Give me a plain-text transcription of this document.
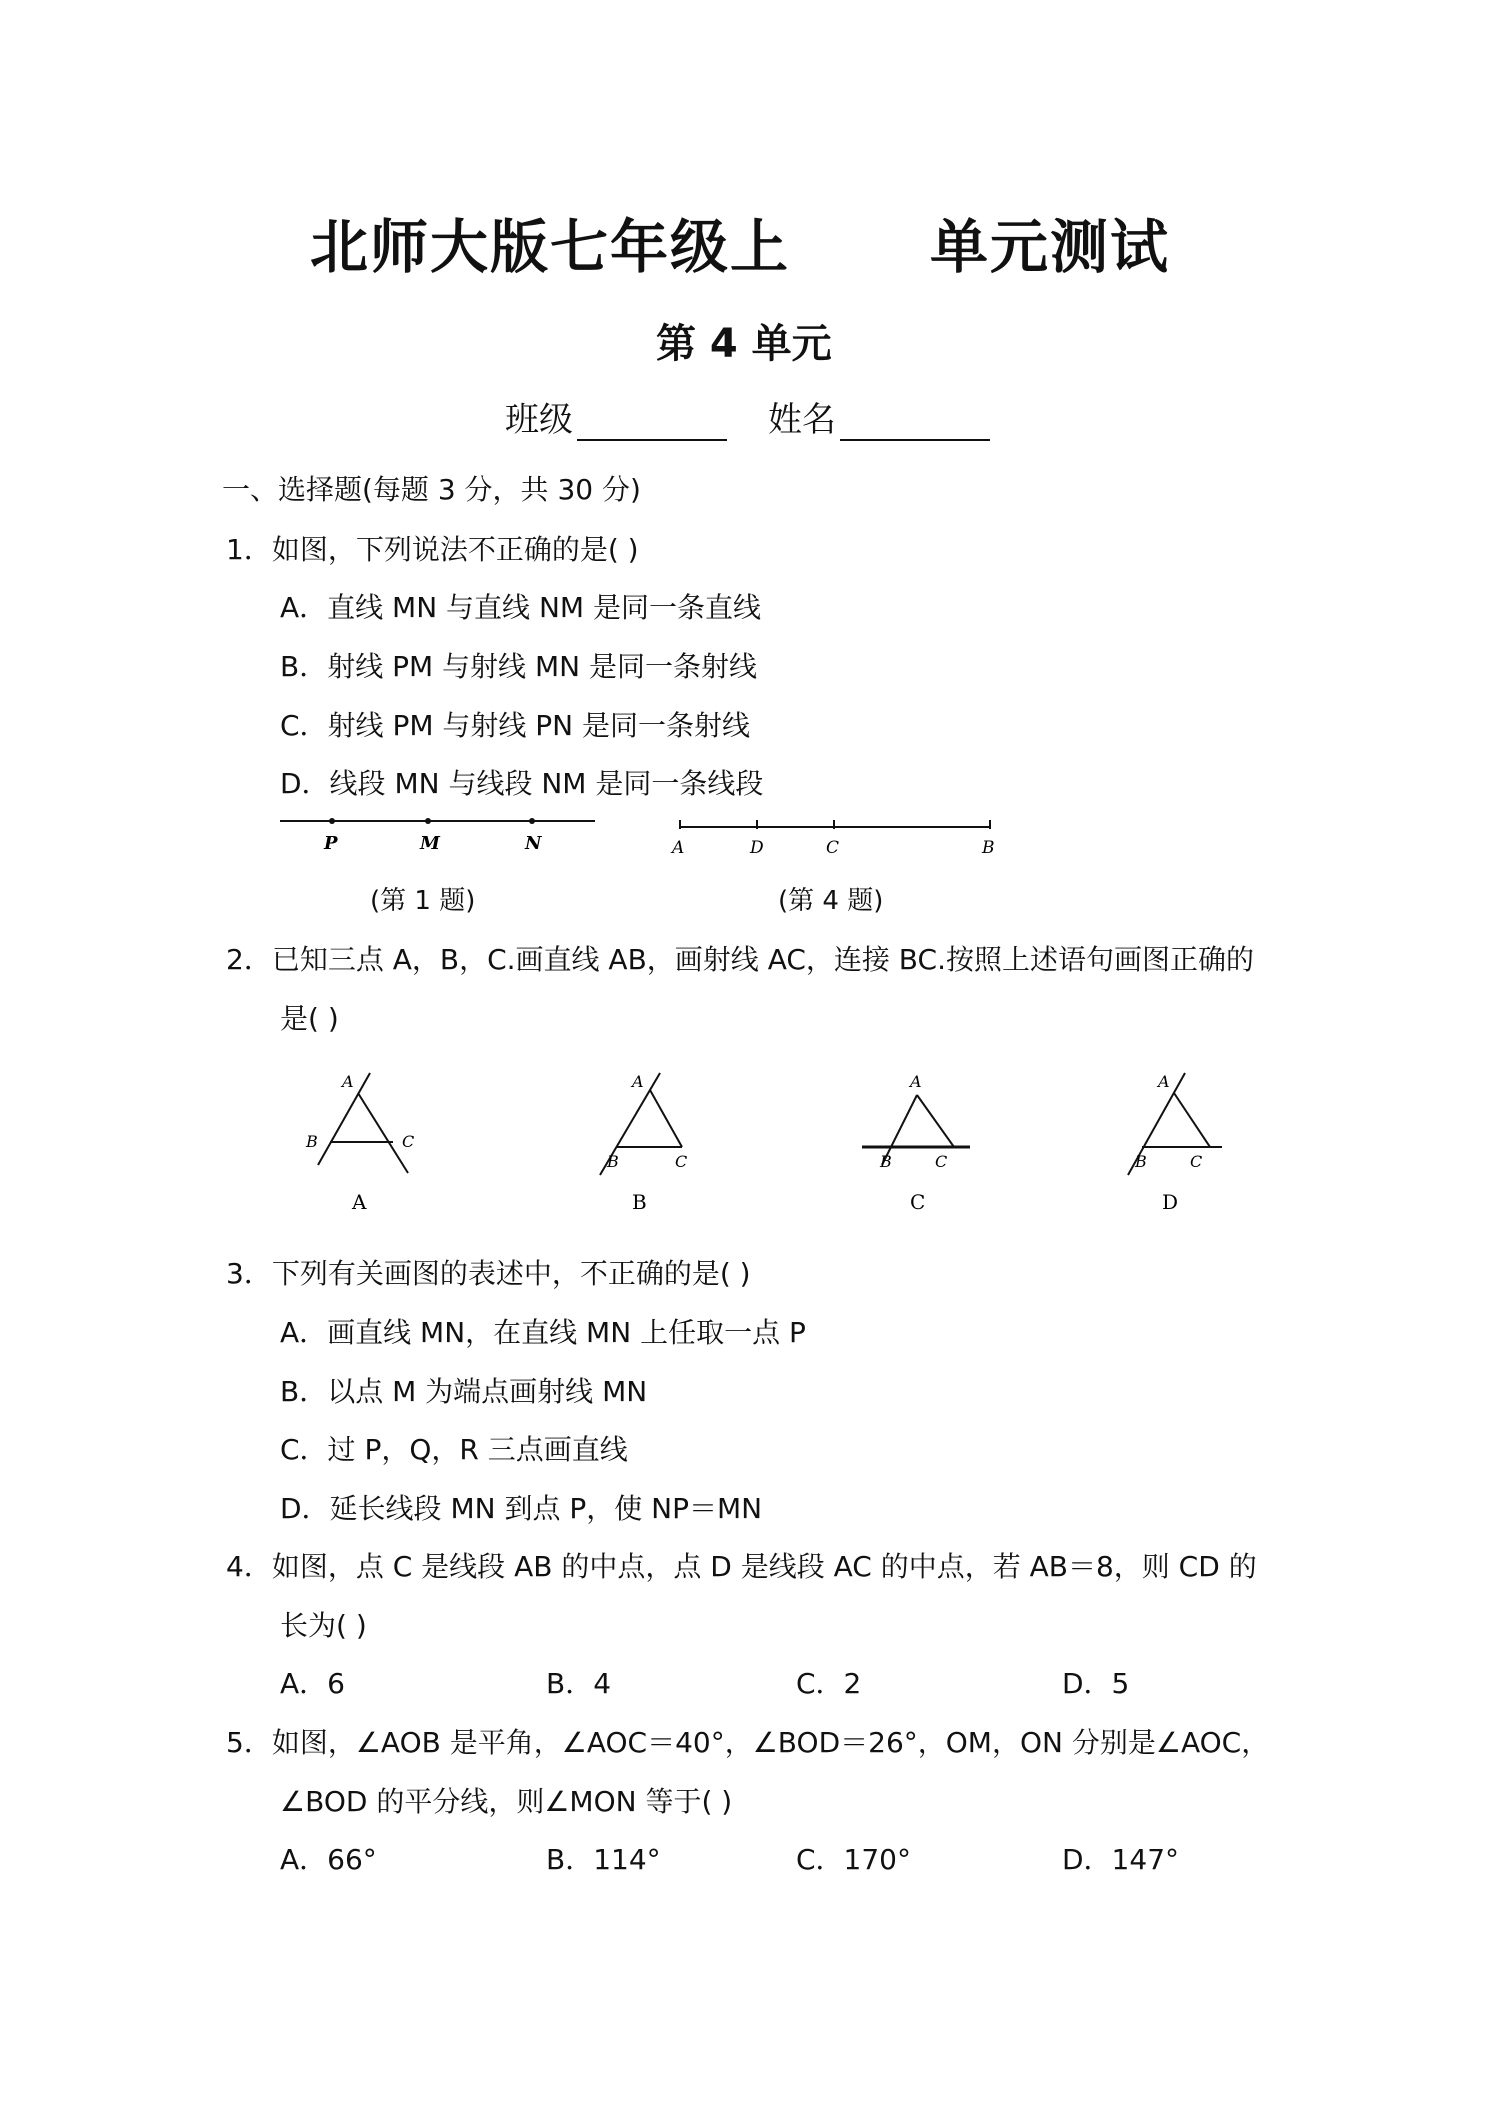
北师大版七年级上 单元测试
第 4 单元
班级	姓名
一、选择题(每题 3 分，共 30 分)
1．如图，下列说法不正确的是( )
A．直线 MN 与直线 NM 是同一条直线
B．射线 PM 与射线 MN 是同一条射线
C．射线 PM 与射线 PN 是同一条射线
D．线段 MN 与线段 NM 是同一条线段
P	M	N	A	D	C	B
(第 1 题)	(第 4 题)
2．已知三点 A，B，C.画直线 AB，画射线 AC，连接 BC.按照上述语句画图正确的
是( )
A
B	C
A
A
B	C
B
A
B	C
C
A
B	C
D
3．下列有关画图的表述中，不正确的是( )
A．画直线 MN，在直线 MN 上任取一点 P
B．以点 M 为端点画射线 MN
C．过 P，Q，R 三点画直线
D．延长线段 MN 到点 P，使 NP＝MN
4．如图，点 C 是线段 AB 的中点，点 D 是线段 AC 的中点，若 AB＝8，则 CD 的
长为( )
A．6	B．4	C．2	D．5
5．如图，∠AOB 是平角，∠AOC＝40°，∠BOD＝26°，OM，ON 分别是∠AOC，
∠BOD 的平分线，则∠MON 等于( )
A．66°	B．114°	C．170°	D．147°
